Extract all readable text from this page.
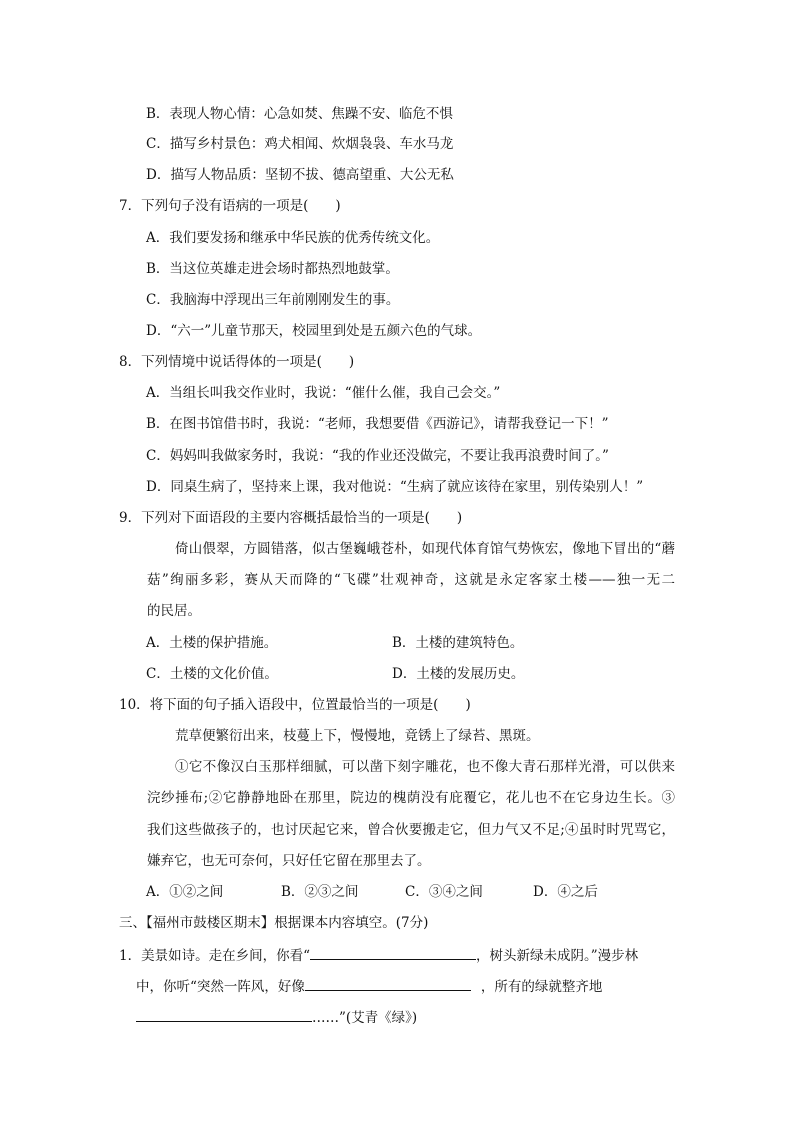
B．表现人物心情：心急如焚、焦躁不安、临危不惧
C．描写乡村景色：鸡犬相闻、炊烟袅袅、车水马龙
D．描写人物品质：坚韧不拔、德高望重、大公无私
7．下列句子没有语病的一项是(　　)
A．我们要发扬和继承中华民族的优秀传统文化。
B．当这位英雄走进会场时都热烈地鼓掌。
C．我脑海中浮现出三年前刚刚发生的事。
D．“六一”儿童节那天，校园里到处是五颜六色的气球。
8．下列情境中说话得体的一项是(　　)
A．当组长叫我交作业时，我说：“催什么催，我自己会交。”
B．在图书馆借书时，我说：“老师，我想要借《西游记》，请帮我登记一下！”
C．妈妈叫我做家务时，我说：“我的作业还没做完，不要让我再浪费时间了。”
D．同桌生病了，坚持来上课，我对他说：“生病了就应该待在家里，别传染别人！”
9．下列对下面语段的主要内容概括最恰当的一项是(　　)
倚山偎翠，方圆错落，似古堡巍峨苍朴，如现代体育馆气势恢宏，像地下冒出的“蘑
菇”绚丽多彩，赛从天而降的“飞碟”壮观神奇，这就是永定客家土楼——独一无二
的民居。
A．土楼的保护措施。	B．土楼的建筑特色。
C．土楼的文化价值。	D．土楼的发展历史。
10．将下面的句子插入语段中，位置最恰当的一项是(　　)
荒草便繁衍出来，枝蔓上下，慢慢地，竟锈上了绿苔、黑斑。
①它不像汉白玉那样细腻，可以凿下刻字雕花，也不像大青石那样光滑，可以供来
浣纱捶布;②它静静地卧在那里，院边的槐荫没有庇覆它，花儿也不在它身边生长。③
我们这些做孩子的，也讨厌起它来，曾合伙要搬走它，但力气又不足;④虽时时咒骂它，
嫌弃它，也无可奈何，只好任它留在那里去了。
A．①②之间	B．②③之间	C．③④之间	D．④之后
三、【福州市鼓楼区期末】根据课本内容填空。(7分)
1．美景如诗。走在乡间，你看“	，树头新绿未成阴。”漫步林
中，你听“突然一阵风，好像	，所有的绿就整齐地
……”(艾青《绿》)
